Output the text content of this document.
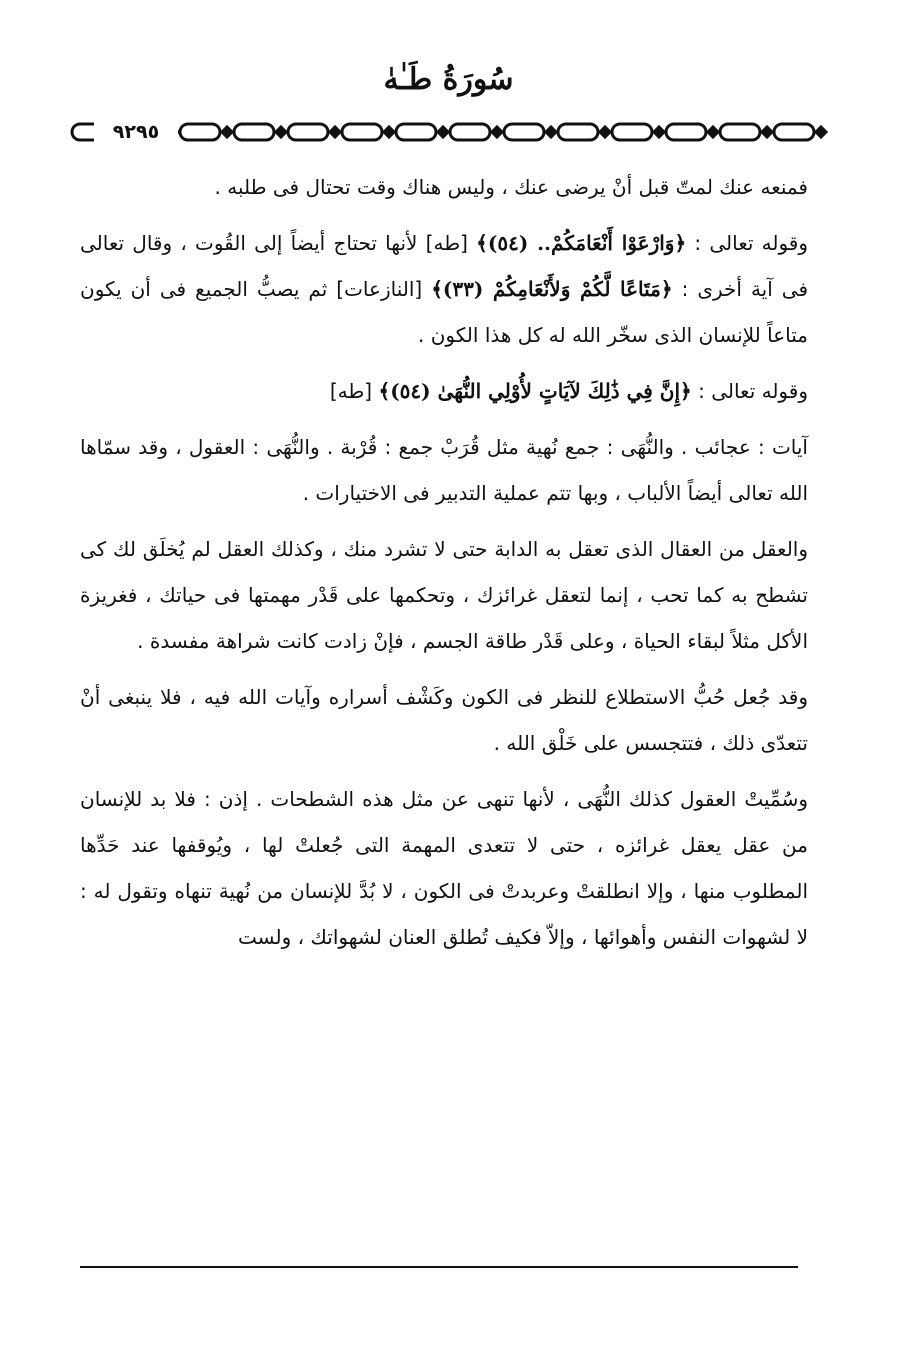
سُورَةُ طَـٰهٰ
٩٢٩٥

فمنعه عنك لمتّ قبل أنْ يرضى عنك ، وليس هناك وقت تحتال فى طلبه .

وقوله تعالى : ﴿وَارْعَوْا أَنْعَامَكُمْ.. (٥٤)﴾ [طه] لأنها تحتاج أيضاً إلى القُوت ، وقال تعالى فى آية أخرى : ﴿مَتَاعًا لَّكُمْ وَلأَنْعَامِكُمْ (٣٣)﴾ [النازعات] ثم يصبُّ الجميع فى أن يكون متاعاً للإنسان الذى سخّر الله له كل هذا الكون .

وقوله تعالى : ﴿إِنَّ فِي ذَٰلِكَ لآيَاتٍ لأُوْلِي النُّهَىٰ (٥٤)﴾ [طه]

آيات : عجائب . والنُّهَى : جمع نُهية مثل قُرَبْ جمع : قُرْبة . والنُّهَى : العقول ، وقد سمّاها الله تعالى أيضاً الألباب ، وبها تتم عملية التدبير فى الاختيارات .

والعقل من العقال الذى تعقل به الدابة حتى لا تشرد منك ، وكذلك العقل لم يُخلَق لك كى تشطح به كما تحب ، إنما لتعقل غرائزك ، وتحكمها على قَدْر مهمتها فى حياتك ، فغريزة الأكل مثلاً لبقاء الحياة ، وعلى قَدْر طاقة الجسم ، فإنْ زادت كانت شراهة مفسدة .

وقد جُعل حُبُّ الاستطلاع للنظر فى الكون وكَشْف أسراره وآيات الله فيه ، فلا ينبغى أنْ تتعدّى ذلك ، فتتجسس على خَلْق الله .

وسُمِّيتْ العقول كذلك النُّهَى ، لأنها تنهى عن مثل هذه الشطحات . إذن : فلا بد للإنسان من عقل يعقل غرائزه ، حتى لا تتعدى المهمة التى جُعلتْ لها ، ويُوقفها عند حَدِّها المطلوب منها ، وإلا انطلقتْ وعربدتْ فى الكون ، لا بُدَّ للإنسان من نُهية تنهاه وتقول له : لا لشهوات النفس وأهوائها ، وإلاّ فكيف تُطلق العنان لشهواتك ، ولست
